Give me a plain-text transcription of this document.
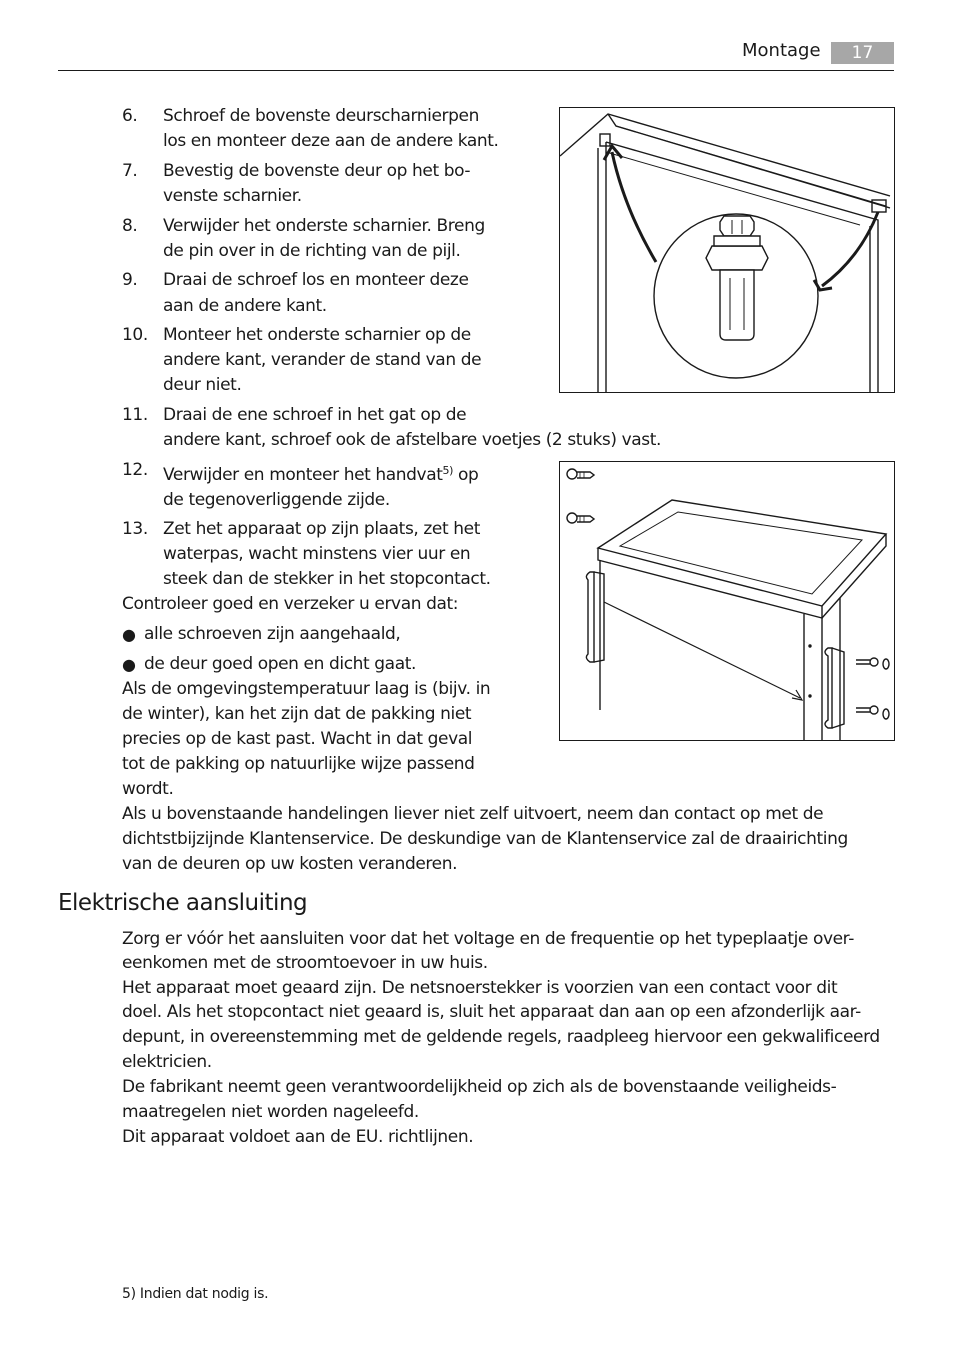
Montage	17
6. Schroef de bovenste deurscharnierpen
los en monteer deze aan de andere kant.
7. Bevestig de bovenste deur op het bo-
venste scharnier.
8. Verwijder het onderste scharnier. Breng
de pin over in de richting van de pijl.
9. Draai de schroef los en monteer deze
aan de andere kant.
10. Monteer het onderste scharnier op de
andere kant, verander de stand van de
deur niet.
11. Draai de ene schroef in het gat op de
andere kant, schroef ook de afstelbare voetjes (2 stuks) vast.
12. Verwijder en monteer het handvat$^{5)}$ op
de tegenoverliggende zijde.
13. Zet het apparaat op zijn plaats, zet het
waterpas, wacht minstens vier uur en
steek dan de stekker in het stopcontact.
Controleer goed en verzeker u ervan dat:
● alle schroeven zijn aangehaald,
● de deur goed open en dicht gaat.
Als de omgevingstemperatuur laag is (bijv. in
de winter), kan het zijn dat de pakking niet
precies op de kast past. Wacht in dat geval
tot de pakking op natuurlijke wijze passend
wordt.
Als u bovenstaande handelingen liever niet zelf uitvoert, neem dan contact op met de
dichtstbijzijnde Klantenservice. De deskundige van de Klantenservice zal de draairichting
van de deuren op uw kosten veranderen.
Elektrische aansluiting
Zorg er vóór het aansluiten voor dat het voltage en de frequentie op het typeplaatje over-
eenkomen met de stroomtoevoer in uw huis.
Het apparaat moet geaard zijn. De netsnoerstekker is voorzien van een contact voor dit
doel. Als het stopcontact niet geaard is, sluit het apparaat dan aan op een afzonderlijk aar-
depunt, in overeenstemming met de geldende regels, raadpleeg hiervoor een gekwalificeerd
elektricien.
De fabrikant neemt geen verantwoordelijkheid op zich als de bovenstaande veiligheids-
maatregelen niet worden nageleefd.
Dit apparaat voldoet aan de EU. richtlijnen.
5) Indien dat nodig is.
